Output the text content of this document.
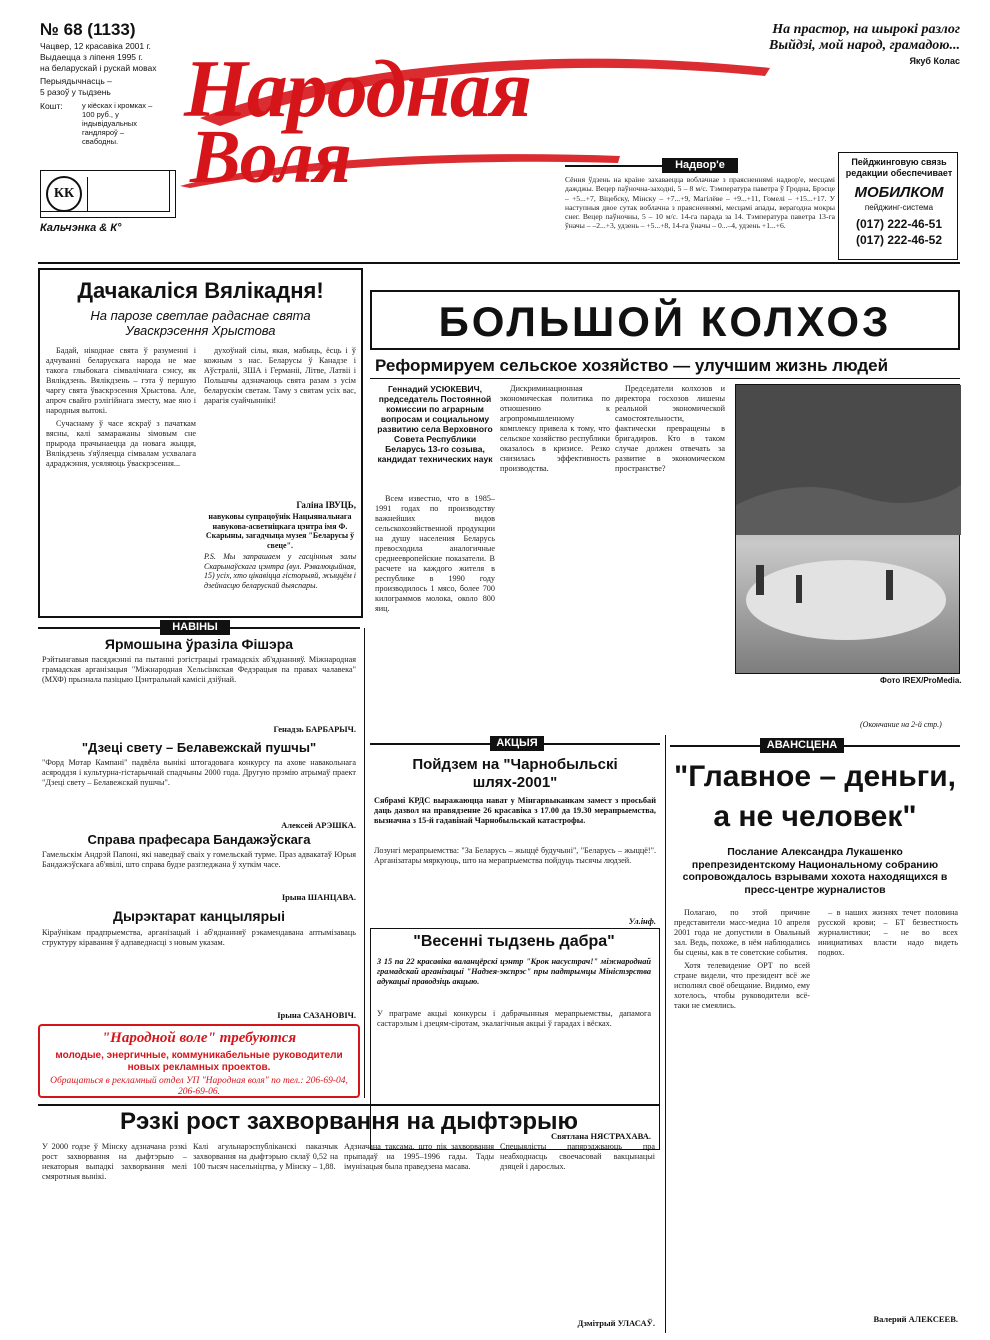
№ 68 (1133)
Чацвер, 12 красавіка 2001 г.
Выдаецца з ліпеня 1995 г.
на беларускай і рускай мовах
Перыядычнасць –
5 разоў у тыдзень
Кошт:	у кіёсках і кромках – 100 руб., у індывідуальных гандляроў – свабодны.
Народная
Воля
На прастор, на шырокі разлог
Выйдзі, мой народ, грамадою...
Якуб Колас
КК
Кальчэнка & К°
Надвор'е
Сёння ўдзень на краіне захаваецца воблачнае з праясненнямі надвор'е, месцамі дажджы. Вецер паўночна-заходні, 5 – 8 м/с. Тэмпература паветра ў Гродна, Брэсце – +5...+7, Віцебску, Мінску – +7...+9, Магілёве – +9...+11, Гомелі – +15...+17. У наступныя двое сутак воблачна з праясненнямі, месцамі апады, верагодна мокры снег. Вецер паўночны, 5 – 10 м/с. 14-га парада за 14. Тэмпература паветра 13-га ўначы – –2...+3, удзень – +5...+8, 14-га ўначы – 0...–4, удзень +1...+6.
Пейджинговую связь редакции обеспечивает
МОБИЛКОМ
пейджинг-система
(017) 222-46-51
(017) 222-46-52
Дачакаліся Вялікадня!
На парозе светлае радаснае свята Уваскрэсення Хрыстова

Бадай, нікоднае свята ў разуменні і адчуванні беларускага народа не мае такога глыбокага сімвалічнага сэнсу, як Вялікдзень. Вялікдзень – гэта ў першую чаргу свята ўваскрэсення Хрыстова. Але, апроч свайго рэлігійнага зместу, мае яно і народныя вытокі.

Сучаснаму ў часе яскраў з пачаткам вясны, калі замаражаны зімовым сне прырода прачынаецца да новага жыцця, Вялікдзень з'яўляецца сімвалам усхвалага адраджэння, усяляюць ўваскрэсення...

духоўнай сілы, якая, мабыць, ёсць і ў кожным з нас. Беларусы ў Канадзе і Аўстраліі, ЗША і Германіі, Літве, Латвіі і Польшчы адзначаюць свята разам з усім беларускім светам. Таму з святам усіх вас, дарагія суайчыннікі!

Галіна ІВУЦЬ,
навуковы супрацоўнік Нацыянальнага навукова-асветніцкага цэнтра імя Ф. Скарыны, загадчыца музея "Беларусы ў свеце".
P.S. Мы запрашаем у гасцінныя залы Скарынаўскага цэнтра (вул. Рэвалюцыйная, 15) усіх, хто цікавіцца гісторыяй, жыццём і дзейнасцю беларускай дыяспары.
БОЛЬШОЙ КОЛХОЗ
Реформируем сельское хозяйство — улучшим жизнь людей
Геннадий УСЮКЕВИЧ, председатель Постоянной комиссии по аграрным вопросам и социальному развитию села Верховного Совета Республики Беларусь 13-го созыва, кандидат технических наук

Всем известно, что в 1985–1991 годах по производству важнейших видов сельскохозяйственной продукции на душу населения Беларусь превосходила аналогичные среднеевропейские показатели. В расчете на каждого жителя в республике в 1990 году производилось 1 мясо, более 700 килограммов молока, около 800 яиц.

Дискриминационная экономическая политика по отношению к агропромышленному комплексу привела к тому, что сельское хозяйство республики оказалось в кризисе. Резко снизилась эффективность производства.

Председатели колхозов и директора госхозов лишены реальной экономической самостоятельности, фактически превращены в бригадиров. Кто в таком случае должен отвечать за развитие в экономическом пространстве?

Фото IREX/ProMedia.
(Окончание на 2-й стр.)
НАВІНЫ
Ярмошына ўразіла Фішэра
Рэйтынгавыя пасяджэнні па пытанні рэгістрацыі грамадскіх аб'яднанняў. Міжнародная грамадская арганізацыя "Міжнародная Хельсінкская Федэрацыя па правах чалавека" (МХФ) прызнала пазіцыю Цэнтральнай камісіі дзіўнай.
Генадзь БАРБАРЫЧ.
"Дзеці свету – Белавежскай пушчы"
"Форд Мотар Кампані" падвёла вынікі штогадовага конкурсу па ахове навакольнага асяроддзя і культурна-гістарычнай спадчыны 2000 года. Другую прэмію атрымаў праект "Дзеці свету – Белавежскай пушчы".
Алексей АРЭШКА.
Справа прафесара Бандажэўскага
Гамельскім Андрэй Папоні, які наведваў сваіх у гомельскай турме. Праз адвакатаў Юрыя Бандажэўскага аб'явілі, што справа будзе разгледжана ў хуткім часе.
Ірына ШАНЦАВА.
Дырэктарат канцылярыі
Кіраўнікам прадпрыемства, арганізацый і аб'яднанняў рэкамендавана аптымізаваць структуру кіравання ў адпаведнасці з новым указам.
Ірына САЗАНОВІЧ.
АКЦЫЯ
Пойдзем на "Чарнобыльскі шлях-2001"
Сябрамі КРДС выражаюцца нават у Мінгарвыканкам замест з просьбай даць дазвол на правядзенне 26 красавіка з 17.00 да 19.30 мерапрыемства, вызначна з 15-й гадавінай Чарнобыльскай катастрофы.
Лозунгі мерапрыемства: "За Беларусь – жыццё будучыні", "Беларусь – жыццё!". Арганізатары мяркуюць, што на мерапрыемства пойдуць тысячы людзей.
Ул.інф.
"Весенні тыдзень дабра"
З 15 па 22 красавіка валанцёрскі цэнтр "Крок насустрач!" міжнароднай грамадскай арганізацыі "Надзея-экспрэс" пры падтрымцы Міністэрства адукацыі праводзіць акцыю.
У праграме акцыі конкурсы і дабрачынныя мерапрыемствы, дапамога састарэлым і дзецям-сіротам, экалагічныя акцыі ў гарадах і вёсках.
Святлана НЯСТРАХАВА.
"Народной воле" требуются
молодые, энергичные, коммуникабельные руководители новых рекламных проектов.
Обращаться в рекламный отдел УП "Народная воля" по тел.: 206-69-04, 206-69-06.
АВАНСЦЕНА
"Главное – деньги,
а не человек"
Послание Александра Лукашенко препрезидентскому Национальному собранию сопровождалось взрывами хохота находящихся в пресс-центре журналистов

Полагаю, по этой причине представители масс-медиа 10 апреля 2001 года не допустили в Овальный зал. Ведь, похоже, в нём наблюдались бы сцены, как в те советские события.

Хотя телевидение ОРТ по всей стране видели, что президент всё же исполнял своё обещание. Видимо, ему хотелось, чтобы руководители всё-таки не смеялись.

– в наших жизнях течет половина русской крови; – БТ безвестность журналистики; – не во всех инициативах власти надо видеть подвох.

Валерий АЛЕКСЕЕВ.
Рэзкі рост захворвання на дыфтэрыю
У 2000 годзе ў Мінску адзначана рэзкі рост захворвання на дыфтэрыю – некаторыя выпадкі захворвання мелі смяротныя вынікі.
Калі агульнарэспубліканскі паказчык захворвання на дыфтэрыю склаў 0,52 на 100 тысяч насельніцтва, у Мінску – 1,88.
Адзначана таксама, што пік захворвання прыпадаў на 1995–1996 гады. Тады імунізацыя была праведзена масава.
Спецыялісты папярэджваюць пра неабходнасць своечасовай вакцынацыі дзяцей і дарослых.
Дзмітрый УЛАСАЎ.
